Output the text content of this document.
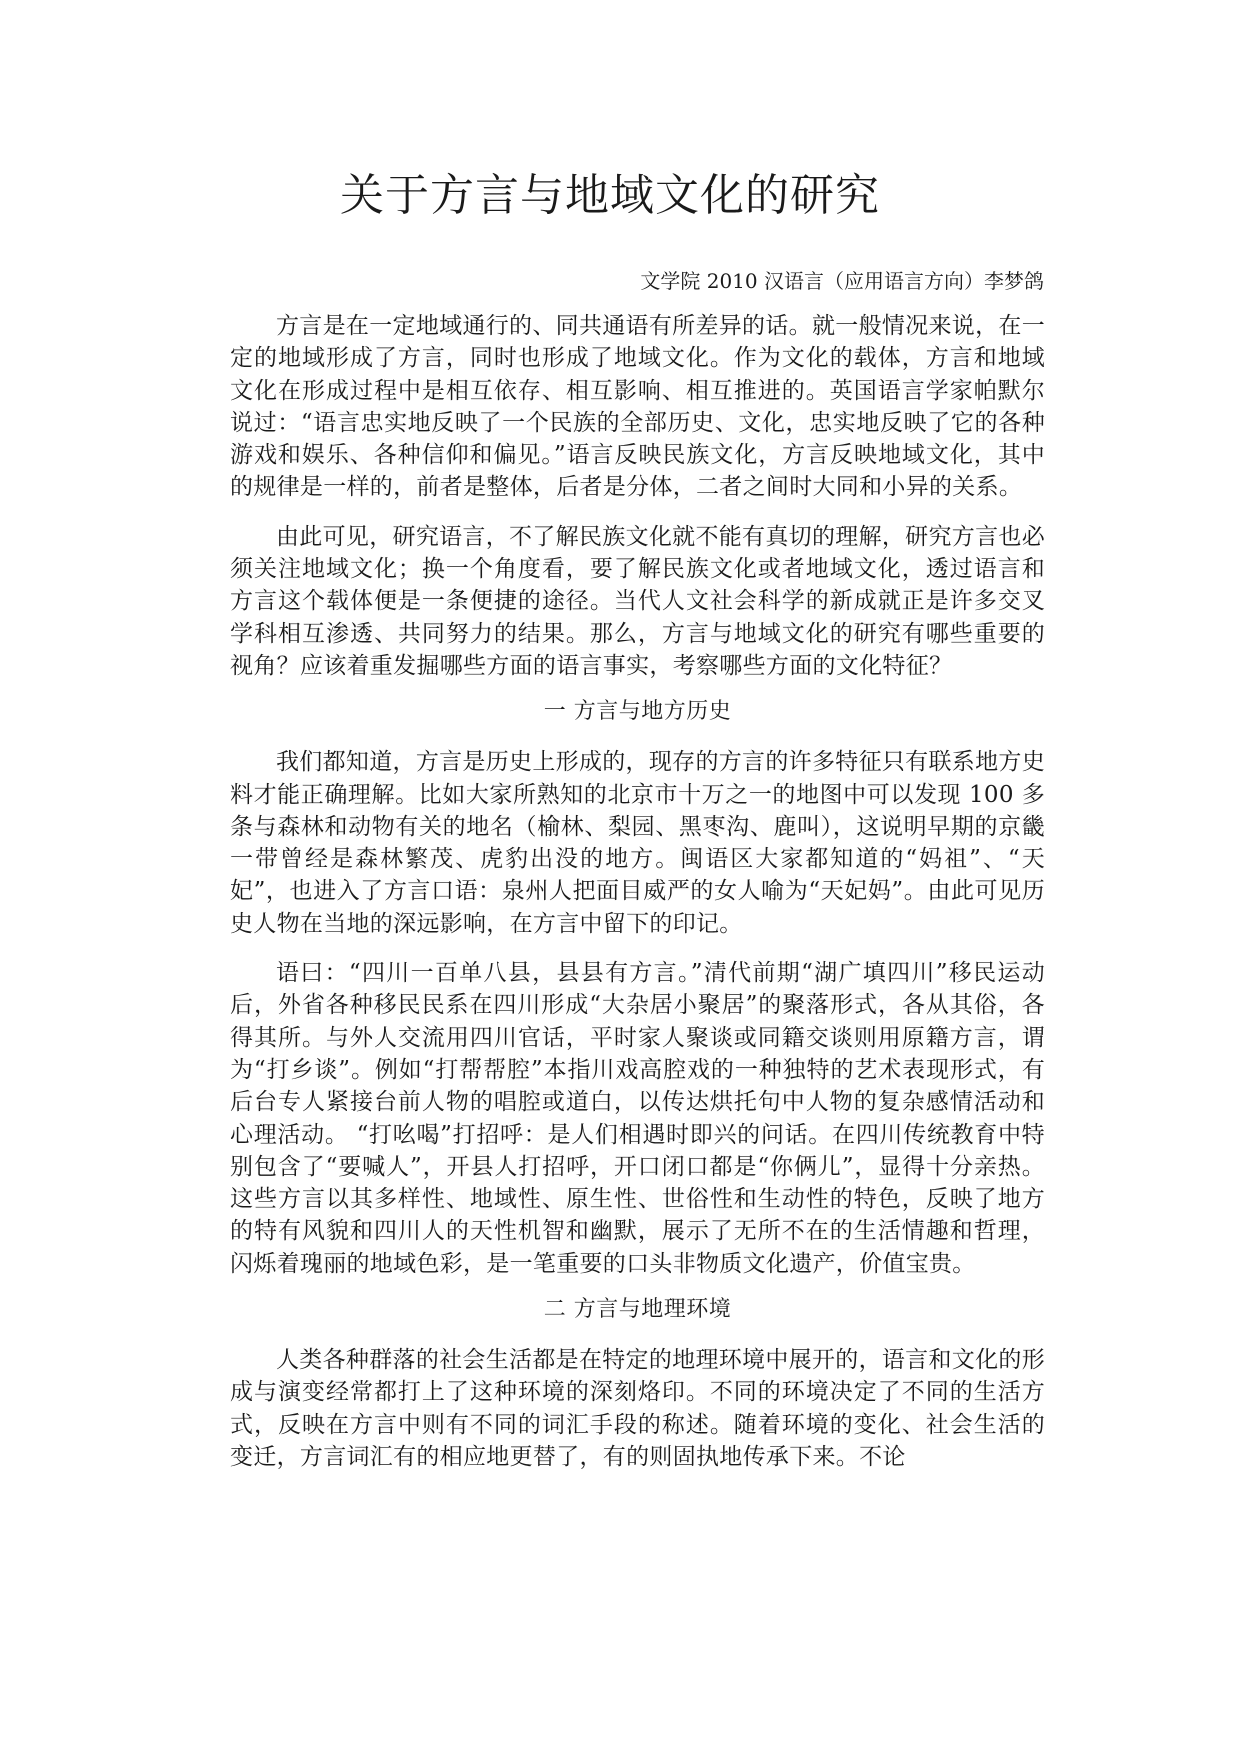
关于方言与地域文化的研究
文学院 2010 汉语言（应用语言方向）李梦鸽

方言是在一定地域通行的、同共通语有所差异的话。就一般情况来说，在一定的地域形成了方言，同时也形成了地域文化。作为文化的载体，方言和地域文化在形成过程中是相互依存、相互影响、相互推进的。英国语言学家帕默尔说过：“语言忠实地反映了一个民族的全部历史、文化，忠实地反映了它的各种游戏和娱乐、各种信仰和偏见。”语言反映民族文化，方言反映地域文化，其中的规律是一样的，前者是整体，后者是分体，二者之间时大同和小异的关系。

由此可见，研究语言，不了解民族文化就不能有真切的理解，研究方言也必须关注地域文化；换一个角度看，要了解民族文化或者地域文化，透过语言和方言这个载体便是一条便捷的途径。当代人文社会科学的新成就正是许多交叉学科相互渗透、共同努力的结果。那么，方言与地域文化的研究有哪些重要的视角？应该着重发掘哪些方面的语言事实，考察哪些方面的文化特征？

一 方言与地方历史

我们都知道，方言是历史上形成的，现存的方言的许多特征只有联系地方史料才能正确理解。比如大家所熟知的北京市十万之一的地图中可以发现 100 多条与森林和动物有关的地名（榆林、梨园、黑枣沟、鹿叫），这说明早期的京畿一带曾经是森林繁茂、虎豹出没的地方。闽语区大家都知道的“妈祖”、“天妃”，也进入了方言口语：泉州人把面目威严的女人喻为“天妃妈”。由此可见历史人物在当地的深远影响，在方言中留下的印记。

语曰：“四川一百单八县，县县有方言。”清代前期“湖广填四川”移民运动后，外省各种移民民系在四川形成“大杂居小聚居”的聚落形式，各从其俗，各得其所。与外人交流用四川官话，平时家人聚谈或同籍交谈则用原籍方言，谓为“打乡谈”。例如“打帮帮腔”本指川戏高腔戏的一种独特的艺术表现形式，有后台专人紧接台前人物的唱腔或道白，以传达烘托句中人物的复杂感情活动和心理活动。 “打吆喝”打招呼：是人们相遇时即兴的问话。在四川传统教育中特别包含了“要喊人”，开县人打招呼，开口闭口都是“你俩儿”，显得十分亲热。这些方言以其多样性、地域性、原生性、世俗性和生动性的特色，反映了地方的特有风貌和四川人的天性机智和幽默，展示了无所不在的生活情趣和哲理，闪烁着瑰丽的地域色彩，是一笔重要的口头非物质文化遗产，价值宝贵。

二 方言与地理环境

人类各种群落的社会生活都是在特定的地理环境中展开的，语言和文化的形成与演变经常都打上了这种环境的深刻烙印。不同的环境决定了不同的生活方式，反映在方言中则有不同的词汇手段的称述。随着环境的变化、社会生活的变迁，方言词汇有的相应地更替了，有的则固执地传承下来。不论
